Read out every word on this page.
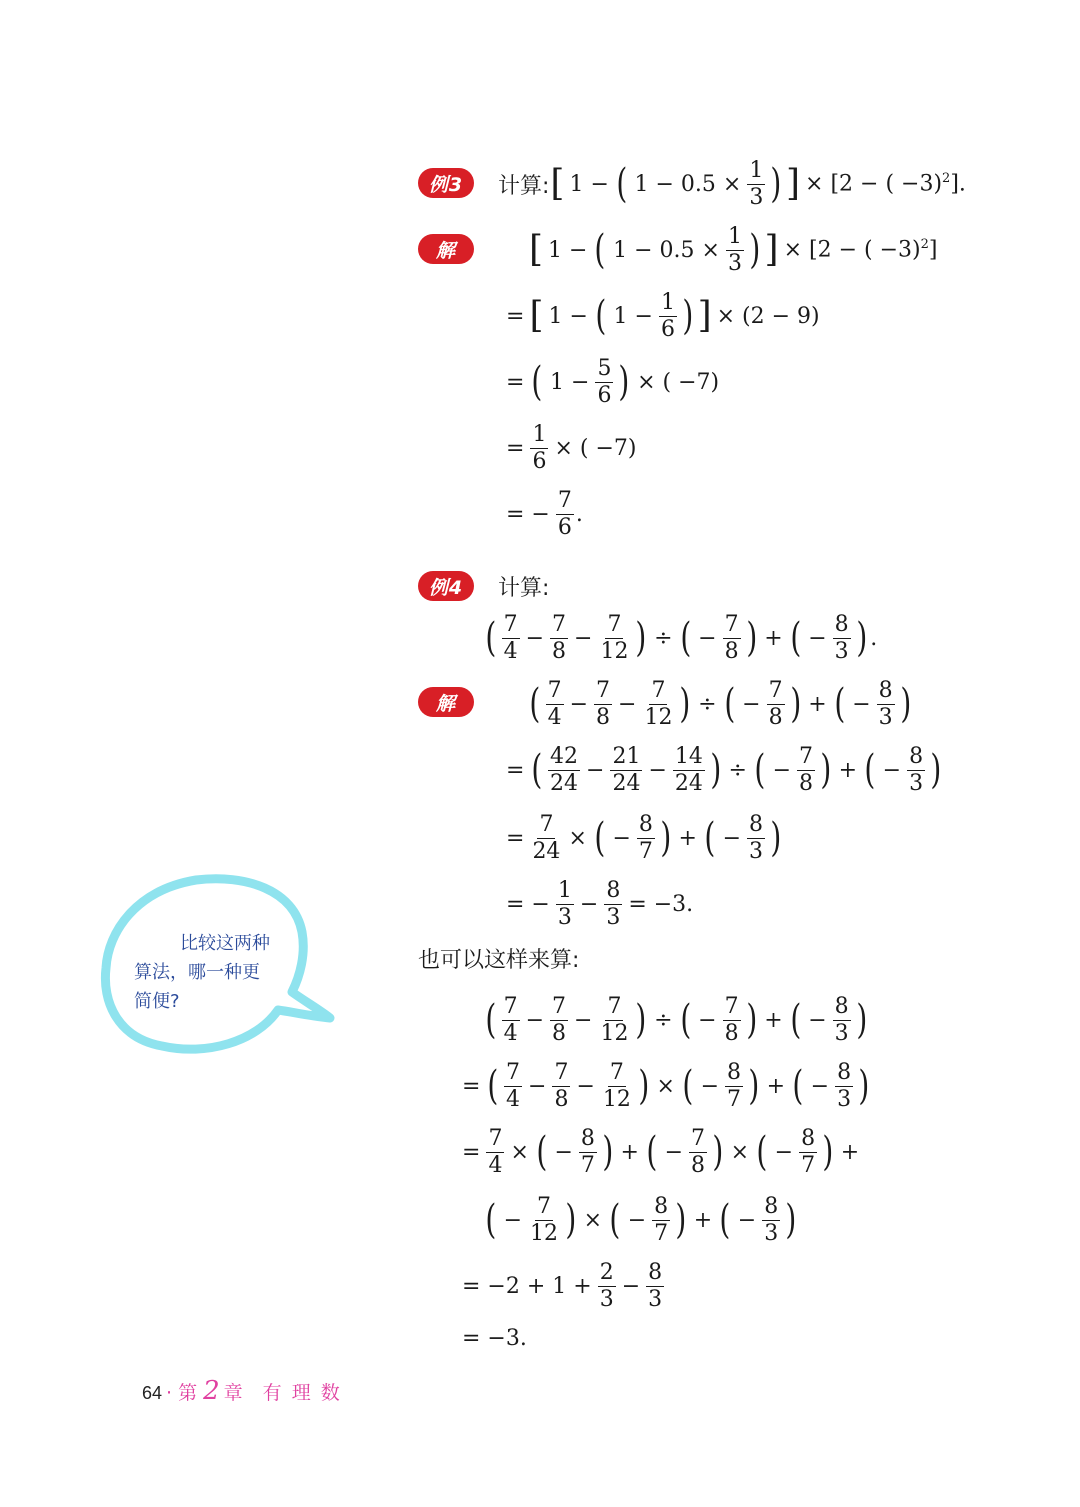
例3	计算: [ 1 − ( $1 - 0.5 \times \frac{1}{3}$ ) ] × [2 − ( −3)$^2$].
解	[ 1 − ( $1 - 0.5 \times \frac{1}{3}$ ) ] × [2 − ( −3)$^2$]
= [ 1 − ( $1 - \frac{1}{6}$ ) ] × (2 − 9)
= ( $1 - \frac{5}{6}$ ) × ( −7)
= $\frac{1}{6}$ × ( −7)
= − $\frac{7}{6}$ .
例4	计算:
( $\frac{7}{4} - \frac{7}{8} - \frac{7}{12}$ ) ÷ ( − $\frac{7}{8}$ ) + ( − $\frac{8}{3}$ ) .
解	( $\frac{7}{4} - \frac{7}{8} - \frac{7}{12}$ ) ÷ ( − $\frac{7}{8}$ ) + ( − $\frac{8}{3}$ )
= ( $\frac{42}{24} - \frac{21}{24} - \frac{14}{24}$ ) ÷ ( − $\frac{7}{8}$ ) + ( − $\frac{8}{3}$ )
= $\frac{7}{24}$ × ( − $\frac{8}{7}$ ) + ( − $\frac{8}{3}$ )
= − $\frac{1}{3} - \frac{8}{3} = -3$.
也可以这样来算:
( $\frac{7}{4} - \frac{7}{8} - \frac{7}{12}$ ) ÷ ( − $\frac{7}{8}$ ) + ( − $\frac{8}{3}$ )
= ( $\frac{7}{4} - \frac{7}{8} - \frac{7}{12}$ ) × ( − $\frac{8}{7}$ ) + ( − $\frac{8}{3}$ )
= $\frac{7}{4}$ × ( − $\frac{8}{7}$ ) + ( − $\frac{7}{8}$ ) × ( − $\frac{8}{7}$ ) +
( − $\frac{7}{12}$ ) × ( − $\frac{8}{7}$ ) + ( − $\frac{8}{3}$ )
= $-2 + 1 + \frac{2}{3} - \frac{8}{3}$
= −3.
比较这两种
算法，哪一种更
简便?
64 · 第 2 章 有 理 数
